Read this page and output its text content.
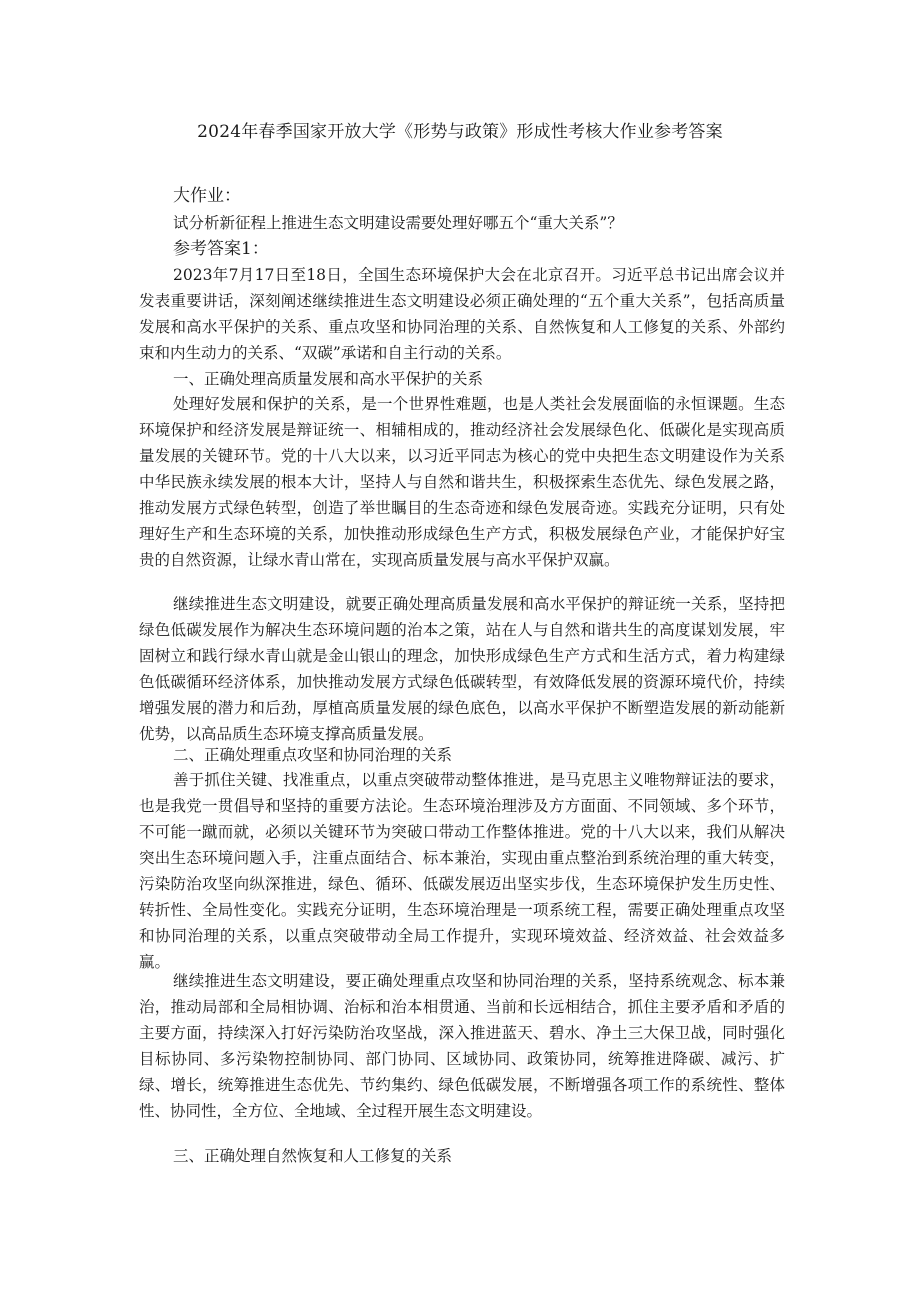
2024年春季国家开放大学《形势与政策》形成性考核大作业参考答案
大作业：
试分析新征程上推进生态文明建设需要处理好哪五个“重大关系”？
参考答案1：

2023年7月17日至18日，全国生态环境保护大会在北京召开。习近平总书记出席会议并发表重要讲话，深刻阐述继续推进生态文明建设必须正确处理的“五个重大关系”，包括高质量发展和高水平保护的关系、重点攻坚和协同治理的关系、自然恢复和人工修复的关系、外部约束和内生动力的关系、“双碳”承诺和自主行动的关系。

一、正确处理高质量发展和高水平保护的关系

处理好发展和保护的关系，是一个世界性难题，也是人类社会发展面临的永恒课题。生态环境保护和经济发展是辩证统一、相辅相成的，推动经济社会发展绿色化、低碳化是实现高质量发展的关键环节。党的十八大以来，以习近平同志为核心的党中央把生态文明建设作为关系中华民族永续发展的根本大计，坚持人与自然和谐共生，积极探索生态优先、绿色发展之路，推动发展方式绿色转型，创造了举世瞩目的生态奇迹和绿色发展奇迹。实践充分证明，只有处理好生产和生态环境的关系，加快推动形成绿色生产方式，积极发展绿色产业，才能保护好宝贵的自然资源，让绿水青山常在，实现高质量发展与高水平保护双赢。

继续推进生态文明建设，就要正确处理高质量发展和高水平保护的辩证统一关系，坚持把绿色低碳发展作为解决生态环境问题的治本之策，站在人与自然和谐共生的高度谋划发展，牢固树立和践行绿水青山就是金山银山的理念，加快形成绿色生产方式和生活方式，着力构建绿色低碳循环经济体系，加快推动发展方式绿色低碳转型，有效降低发展的资源环境代价，持续增强发展的潜力和后劲，厚植高质量发展的绿色底色，以高水平保护不断塑造发展的新动能新优势，以高品质生态环境支撑高质量发展。

二、正确处理重点攻坚和协同治理的关系

善于抓住关键、找准重点，以重点突破带动整体推进，是马克思主义唯物辩证法的要求，也是我党一贯倡导和坚持的重要方法论。生态环境治理涉及方方面面、不同领域、多个环节，不可能一蹴而就，必须以关键环节为突破口带动工作整体推进。党的十八大以来，我们从解决突出生态环境问题入手，注重点面结合、标本兼治，实现由重点整治到系统治理的重大转变，污染防治攻坚向纵深推进，绿色、循环、低碳发展迈出坚实步伐，生态环境保护发生历史性、转折性、全局性变化。实践充分证明，生态环境治理是一项系统工程，需要正确处理重点攻坚和协同治理的关系，以重点突破带动全局工作提升，实现环境效益、经济效益、社会效益多赢。

继续推进生态文明建设，要正确处理重点攻坚和协同治理的关系，坚持系统观念、标本兼治，推动局部和全局相协调、治标和治本相贯通、当前和长远相结合，抓住主要矛盾和矛盾的主要方面，持续深入打好污染防治攻坚战，深入推进蓝天、碧水、净土三大保卫战，同时强化目标协同、多污染物控制协同、部门协同、区域协同、政策协同，统筹推进降碳、减污、扩绿、增长，统筹推进生态优先、节约集约、绿色低碳发展，不断增强各项工作的系统性、整体性、协同性，全方位、全地域、全过程开展生态文明建设。

三、正确处理自然恢复和人工修复的关系
